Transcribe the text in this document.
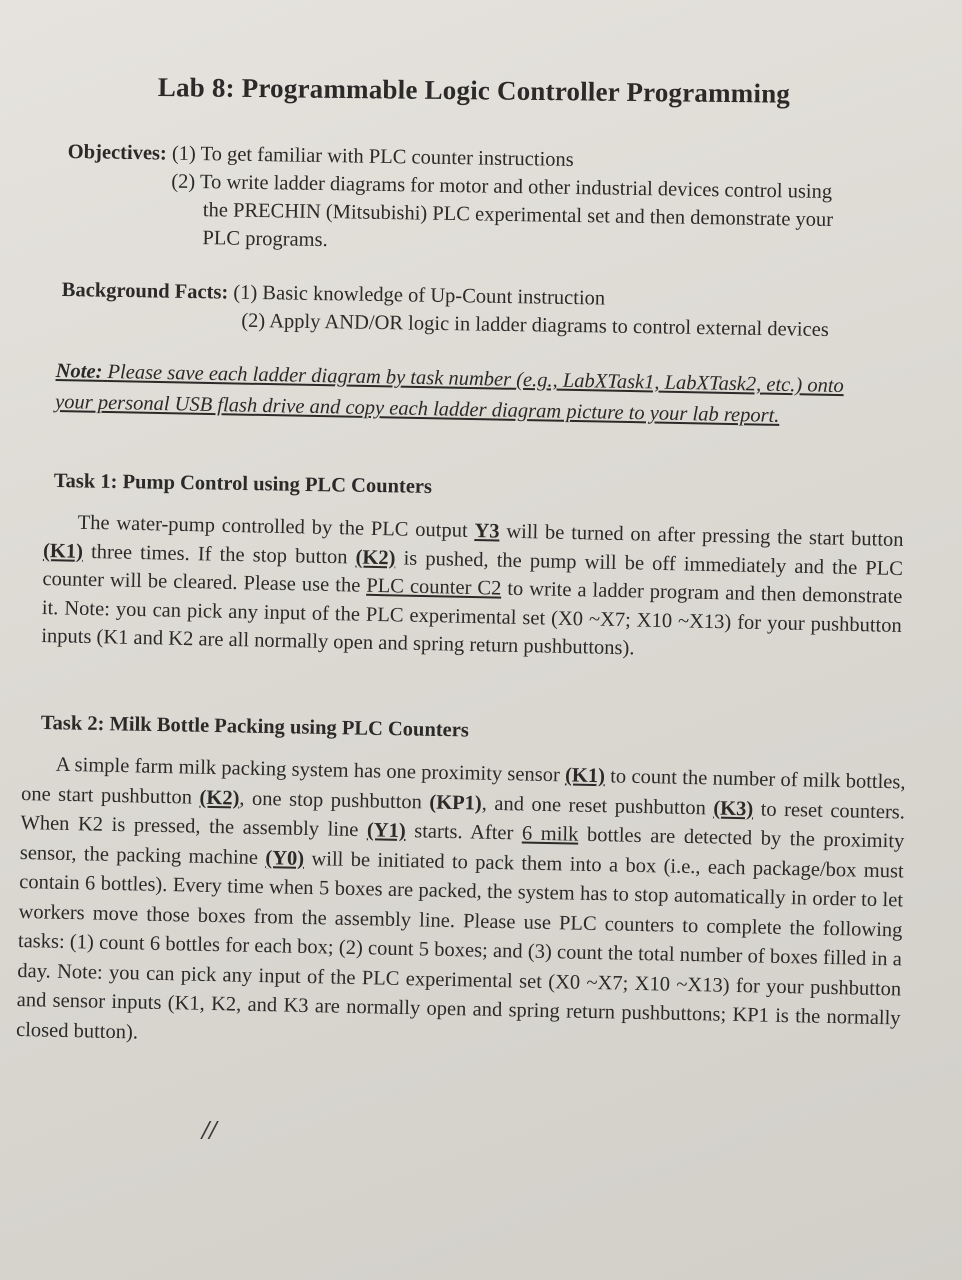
Lab 8: Programmable Logic Controller Programming
Objectives: (1) To get familiar with PLC counter instructions
(2) To write ladder diagrams for motor and other industrial devices control using
the PRECHIN (Mitsubishi) PLC experimental set and then demonstrate your
PLC programs.
Background Facts: (1) Basic knowledge of Up-Count instruction
(2) Apply AND/OR logic in ladder diagrams to control external devices
Note: Please save each ladder diagram by task number (e.g., LabXTask1, LabXTask2, etc.) onto
your personal USB flash drive and copy each ladder diagram picture to your lab report.
Task 1: Pump Control using PLC Counters
The water-pump controlled by the PLC output Y3 will be turned on after pressing the start button (K1) three times. If the stop button (K2) is pushed, the pump will be off immediately and the PLC counter will be cleared. Please use the PLC counter C2 to write a ladder program and then demonstrate it. Note: you can pick any input of the PLC experimental set (X0 ~X7; X10 ~X13) for your pushbutton inputs (K1 and K2 are all normally open and spring return pushbuttons).
Task 2: Milk Bottle Packing using PLC Counters
A simple farm milk packing system has one proximity sensor (K1) to count the number of milk bottles, one start pushbutton (K2), one stop pushbutton (KP1), and one reset pushbutton (K3) to reset counters. When K2 is pressed, the assembly line (Y1) starts. After 6 milk bottles are detected by the proximity sensor, the packing machine (Y0) will be initiated to pack them into a box (i.e., each package/box must contain 6 bottles). Every time when 5 boxes are packed, the system has to stop automatically in order to let workers move those boxes from the assembly line. Please use PLC counters to complete the following tasks: (1) count 6 bottles for each box; (2) count 5 boxes; and (3) count the total number of boxes filled in a day. Note: you can pick any input of the PLC experimental set (X0 ~X7; X10 ~X13) for your pushbutton and sensor inputs (K1, K2, and K3 are normally open and spring return pushbuttons; KP1 is the normally closed button).
//
